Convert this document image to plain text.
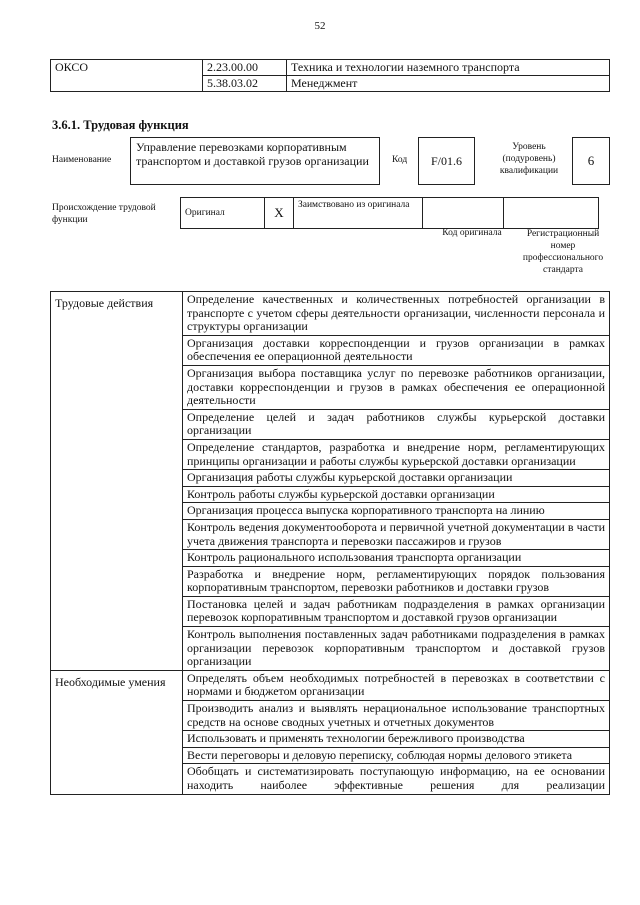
52
ОКСО	2.23.00.00	Техника и технологии наземного транспорта
	5.38.03.02	Менеджмент
3.6.1. Трудовая функция
Наименование
Управление перевозками корпоративным транспортом и доставкой грузов организации	Код	F/01.6
Уровень (подуровень) квалификации
6
Происхождение трудовой функции
Оригинал	X	Заимствовано из оригинала		
Код оригинала	Регистрационный номер профессионального стандарта
Трудовые действия	Определение качественных и количественных потребностей организации в транспорте с учетом сферы деятельности организации, численности персонала и структуры организации
	Организация доставки корреспонденции и грузов организации в рамках обеспечения ее операционной деятельности
	Организация выбора поставщика услуг по перевозке работников организации, доставки корреспонденции и грузов в рамках обеспечения ее операционной деятельности
	Определение целей и задач работников службы курьерской доставки организации
	Определение стандартов, разработка и внедрение норм, регламентирующих принципы организации и работы службы курьерской доставки организации
	Организация работы службы курьерской доставки организации
	Контроль работы службы курьерской доставки организации
	Организация процесса выпуска корпоративного транспорта на линию
	Контроль ведения документооборота и первичной учетной документации в части учета движения транспорта и перевозки пассажиров и грузов
	Контроль рационального использования транспорта организации
	Разработка и внедрение норм, регламентирующих порядок пользования корпоративным транспортом, перевозки работников и доставки грузов
	Постановка целей и задач работникам подразделения в рамках организации перевозок корпоративным транспортом и доставкой грузов организации
	Контроль выполнения поставленных задач работниками подразделения в рамках организации перевозок корпоративным транспортом и доставкой грузов организации
Необходимые умения	Определять объем необходимых потребностей в перевозках в соответствии с нормами и бюджетом организации
	Производить анализ и выявлять нерациональное использование транспортных средств на основе сводных учетных и отчетных документов
	Использовать и применять технологии бережливого производства
	Вести переговоры и деловую переписку, соблюдая нормы делового этикета
	Обобщать и систематизировать поступающую информацию, на ее основании находить наиболее эффективные решения для реализации
